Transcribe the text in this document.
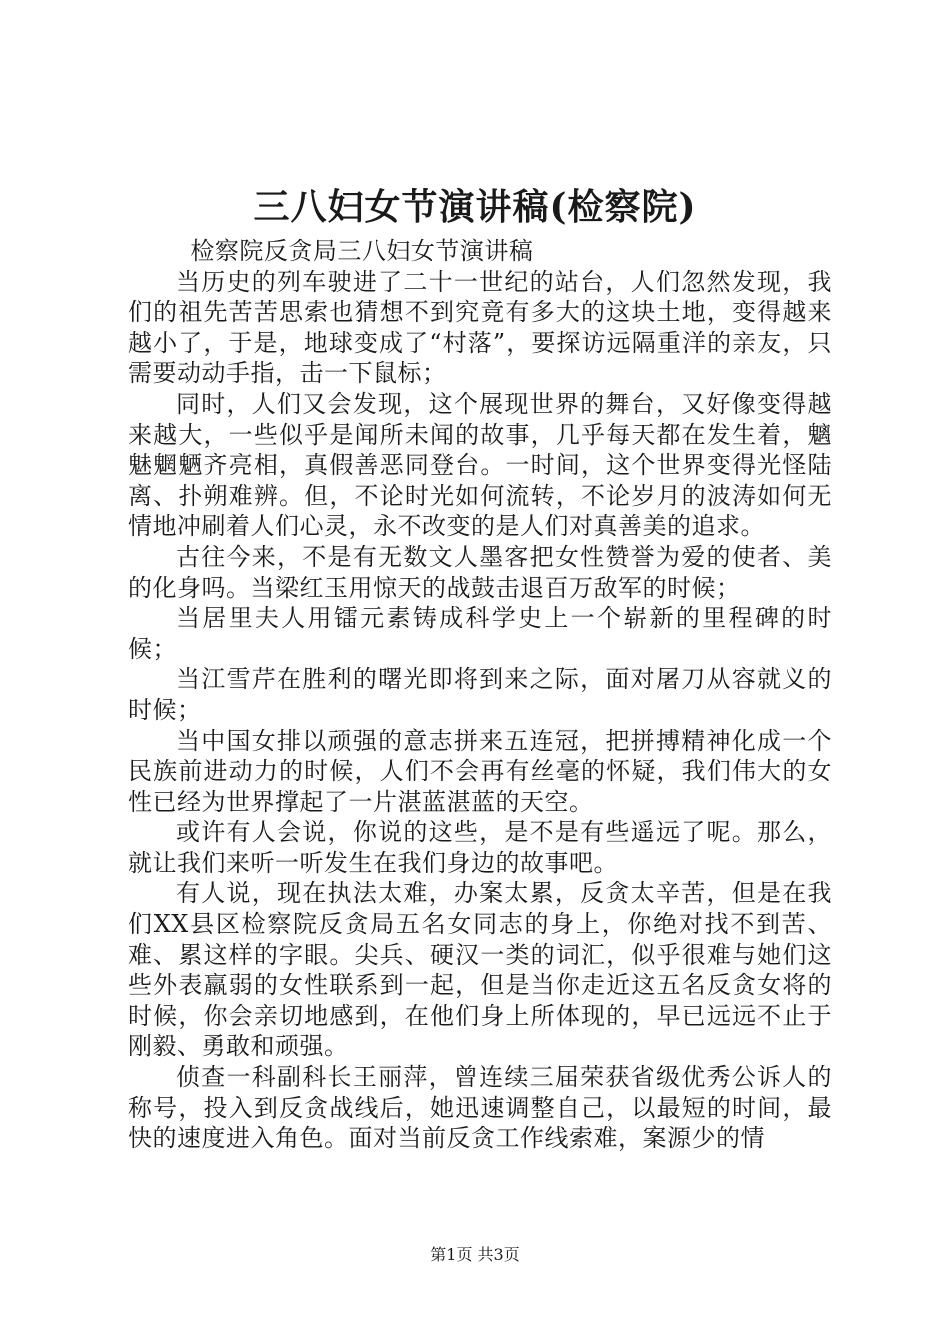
三八妇女节演讲稿(检察院)

检察院反贪局三八妇女节演讲稿

当历史的列车驶进了二十一世纪的站台，人们忽然发现，我们的祖先苦苦思索也猜想不到究竟有多大的这块土地，变得越来越小了，于是，地球变成了“村落”，要探访远隔重洋的亲友，只需要动动手指，击一下鼠标；

同时，人们又会发现，这个展现世界的舞台，又好像变得越来越大，一些似乎是闻所未闻的故事，几乎每天都在发生着，魑魅魍魉齐亮相，真假善恶同登台。一时间，这个世界变得光怪陆离、扑朔难辨。但，不论时光如何流转，不论岁月的波涛如何无情地冲刷着人们心灵，永不改变的是人们对真善美的追求。

古往今来，不是有无数文人墨客把女性赞誉为爱的使者、美的化身吗。当梁红玉用惊天的战鼓击退百万敌军的时候；

当居里夫人用镭元素铸成科学史上一个崭新的里程碑的时候；

当江雪芹在胜利的曙光即将到来之际，面对屠刀从容就义的时候；

当中国女排以顽强的意志拼来五连冠，把拼搏精神化成一个民族前进动力的时候，人们不会再有丝毫的怀疑，我们伟大的女性已经为世界撑起了一片湛蓝湛蓝的天空。

或许有人会说，你说的这些，是不是有些遥远了呢。那么，就让我们来听一听发生在我们身边的故事吧。

有人说，现在执法太难，办案太累，反贪太辛苦，但是在我们XX县区检察院反贪局五名女同志的身上，你绝对找不到苦、难、累这样的字眼。尖兵、硬汉一类的词汇，似乎很难与她们这些外表羸弱的女性联系到一起，但是当你走近这五名反贪女将的时候，你会亲切地感到，在他们身上所体现的，早已远远不止于刚毅、勇敢和顽强。

侦查一科副科长王丽萍，曾连续三届荣获省级优秀公诉人的称号，投入到反贪战线后，她迅速调整自己，以最短的时间，最快的速度进入角色。面对当前反贪工作线索难，案源少的情

第1页 共3页
